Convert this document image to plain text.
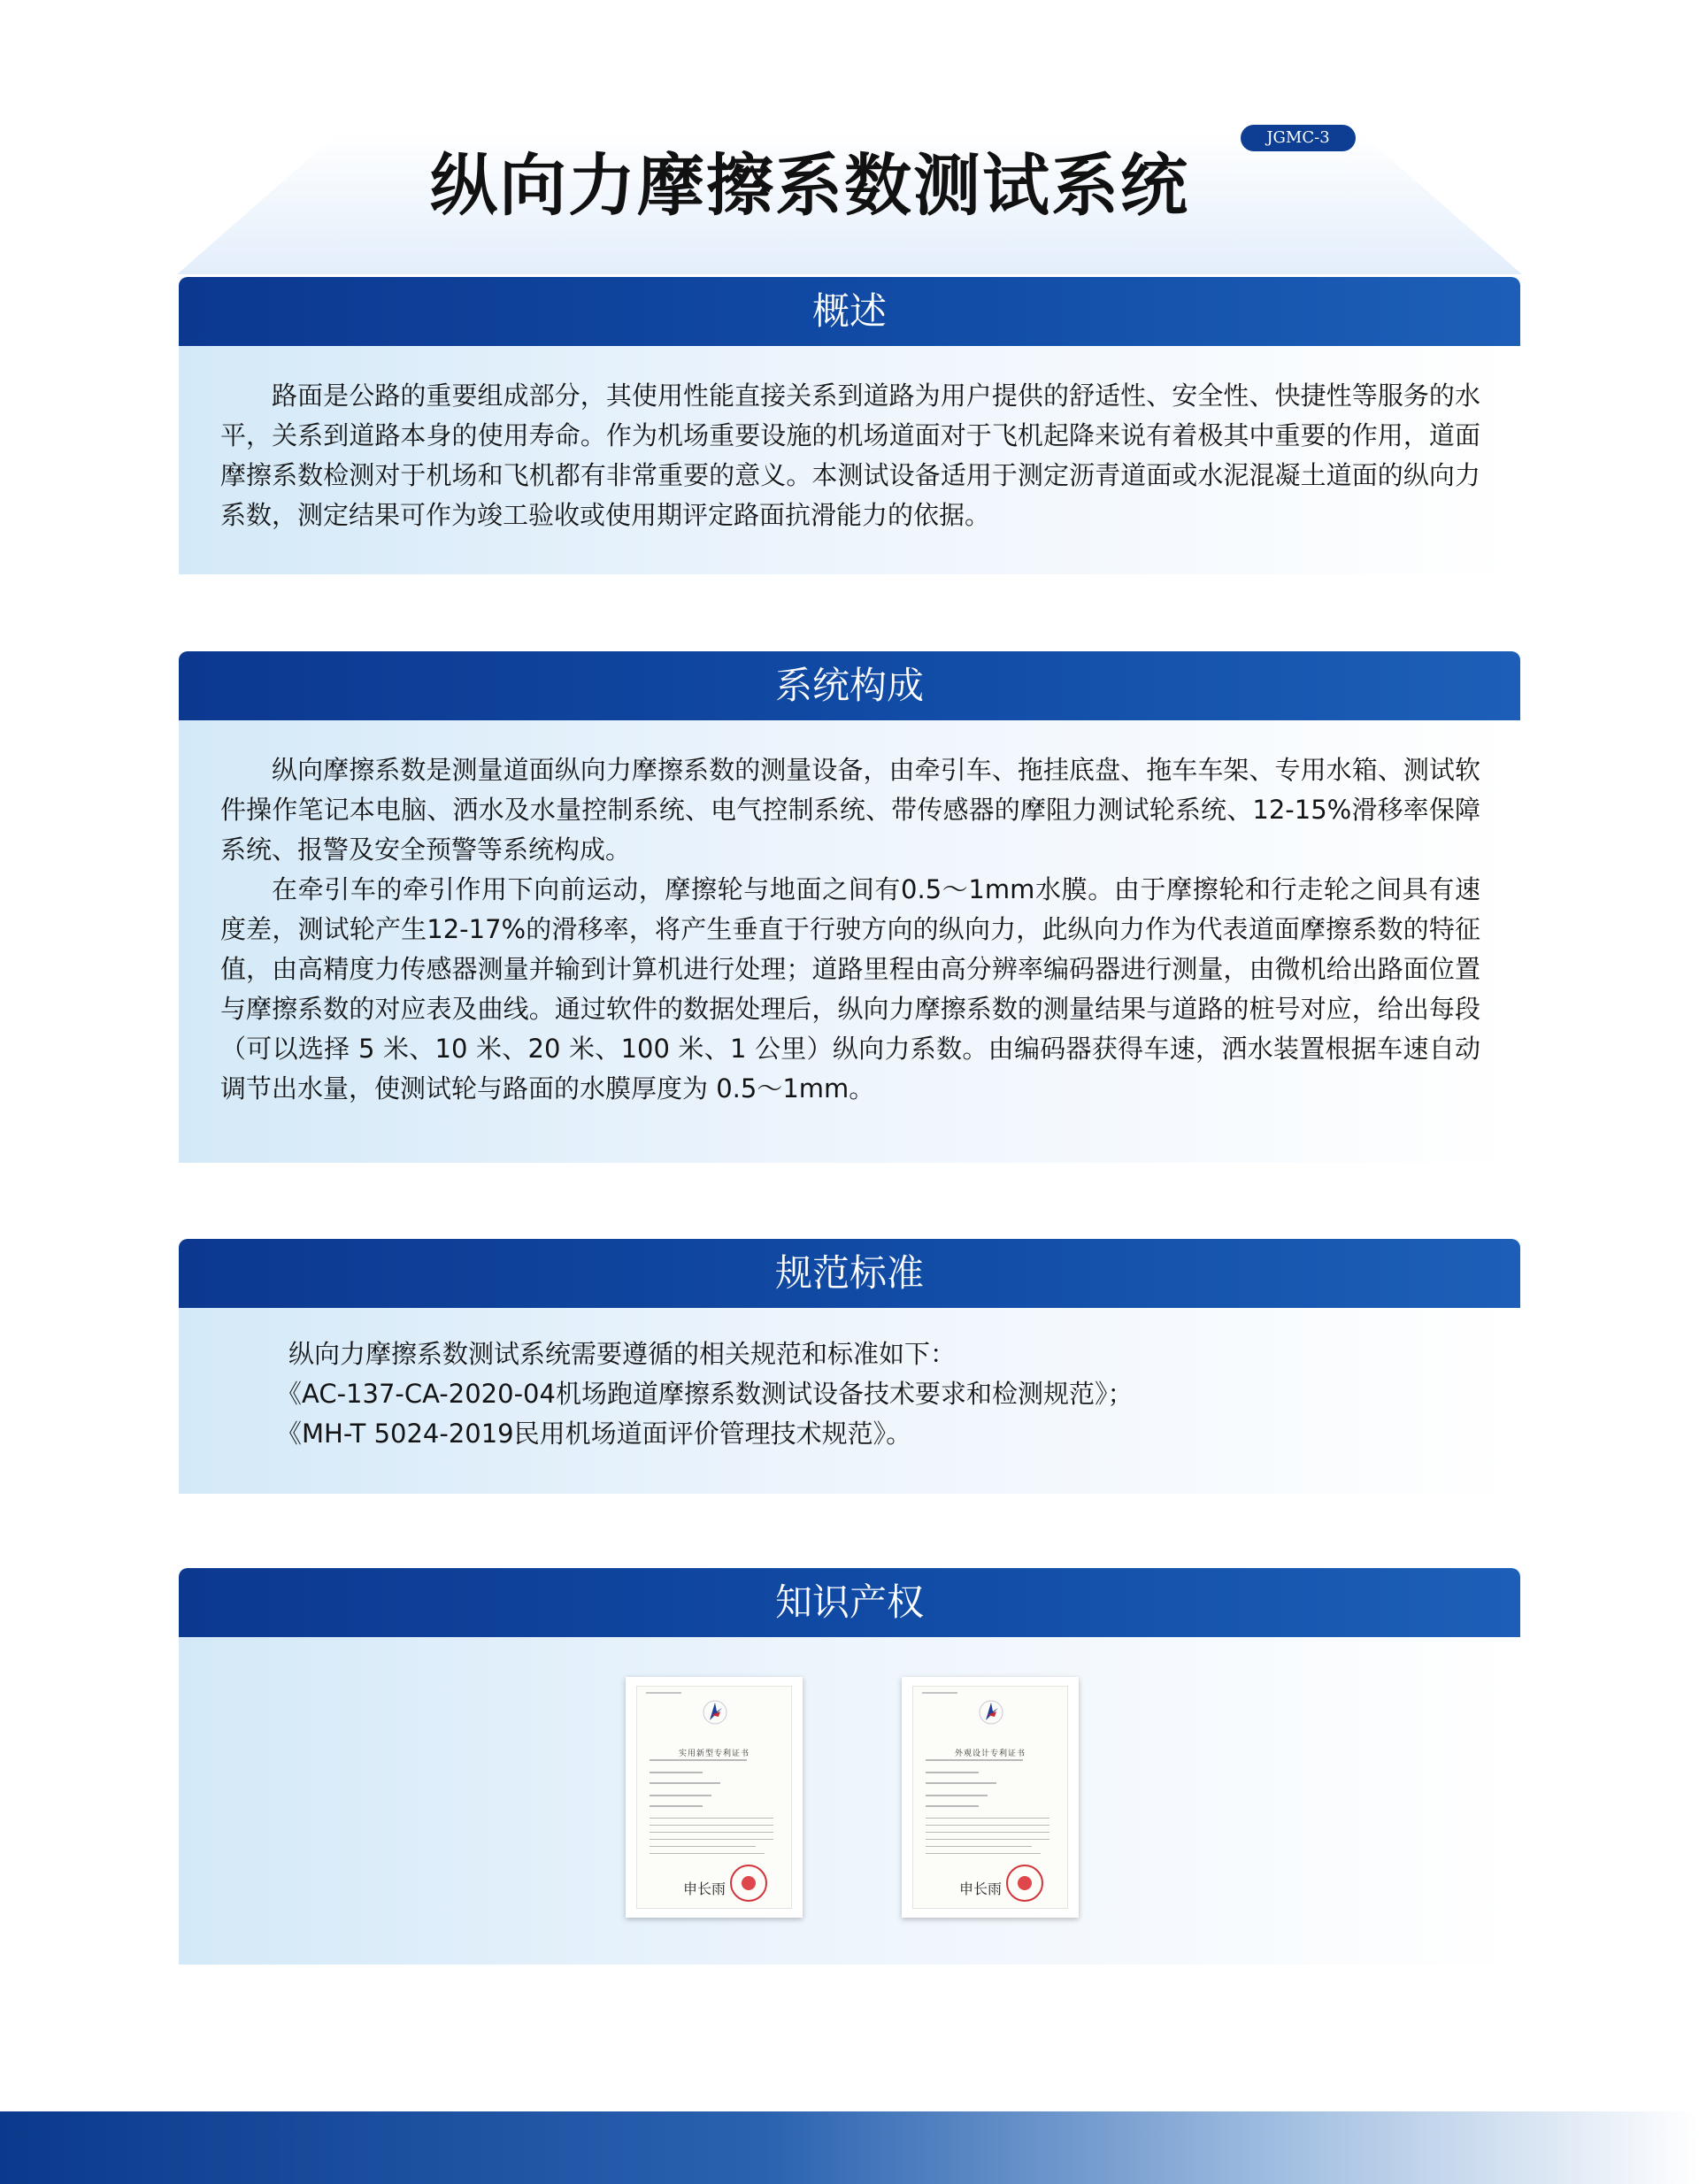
JGMC-3
纵向力摩擦系数测试系统
概述

路面是公路的重要组成部分，其使用性能直接关系到道路为用户提供的舒适性、安全性、快捷性等服务的水平，关系到道路本身的使用寿命。作为机场重要设施的机场道面对于飞机起降来说有着极其中重要的作用，道面摩擦系数检测对于机场和飞机都有非常重要的意义。本测试设备适用于测定沥青道面或水泥混凝土道面的纵向力系数，测定结果可作为竣工验收或使用期评定路面抗滑能力的依据。

系统构成

纵向摩擦系数是测量道面纵向力摩擦系数的测量设备，由牵引车、拖挂底盘、拖车车架、专用水箱、测试软件操作笔记本电脑、洒水及水量控制系统、电气控制系统、带传感器的摩阻力测试轮系统、12-15%滑移率保障系统、报警及安全预警等系统构成。

在牵引车的牵引作用下向前运动，摩擦轮与地面之间有0.5～1mm水膜。由于摩擦轮和行走轮之间具有速度差，测试轮产生12-17%的滑移率，将产生垂直于行驶方向的纵向力，此纵向力作为代表道面摩擦系数的特征值，由高精度力传感器测量并输到计算机进行处理；道路里程由高分辨率编码器进行测量，由微机给出路面位置与摩擦系数的对应表及曲线。通过软件的数据处理后，纵向力摩擦系数的测量结果与道路的桩号对应，给出每段（可以选择 5 米、10 米、20 米、100 米、1 公里）纵向力系数。由编码器获得车速，洒水装置根据车速自动调节出水量，使测试轮与路面的水膜厚度为 0.5～1mm。

规范标准

纵向力摩擦系数测试系统需要遵循的相关规范和标准如下：

《AC-137-CA-2020-04机场跑道摩擦系数测试设备技术要求和检测规范》；

《MH-T 5024-2019民用机场道面评价管理技术规范》。

知识产权
实用新型专利证书
申长雨
外观设计专利证书
申长雨
